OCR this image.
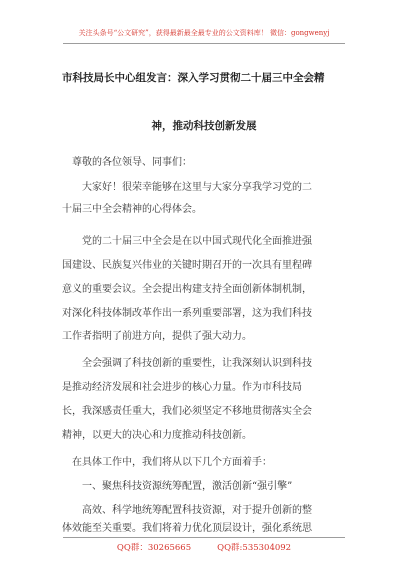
关注头条号“公文研究”，获得最新最全最专业的公文资料库！ 微信：gongwenyj
市科技局长中心组发言：深入学习贯彻二十届三中全会精
神，推动科技创新发展
尊敬的各位领导、同事们：
大家好！很荣幸能够在这里与大家分享我学习党的二
十届三中全会精神的心得体会。
党的二十届三中全会是在以中国式现代化全面推进强
国建设、民族复兴伟业的关键时期召开的一次具有里程碑
意义的重要会议。全会提出构建支持全面创新体制机制，
对深化科技体制改革作出一系列重要部署，这为我们科技
工作者指明了前进方向，提供了强大动力。
全会强调了科技创新的重要性，让我深刻认识到科技
是推动经济发展和社会进步的核心力量。作为市科技局
长，我深感责任重大，我们必须坚定不移地贯彻落实全会
精神，以更大的决心和力度推动科技创新。
在具体工作中，我们将从以下几个方面着手：
一、聚焦科技资源统筹配置，激活创新“强引擎”
高效、科学地统筹配置科技资源，对于提升创新的整
体效能至关重要。我们将着力优化顶层设计，强化系统思
QQ群：30265665	QQ群:535304092
